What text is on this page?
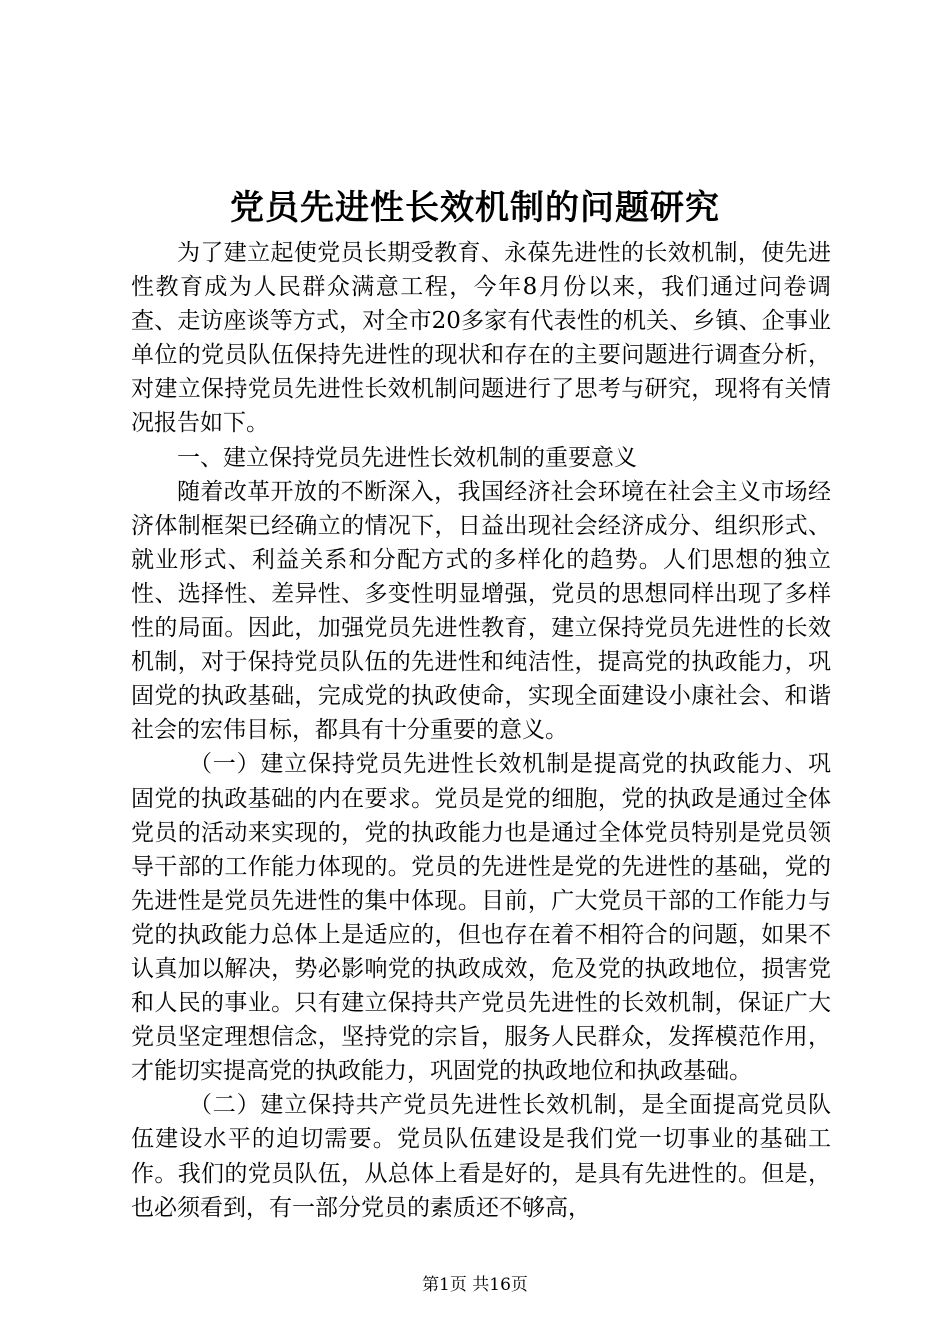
党员先进性长效机制的问题研究

为了建立起使党员长期受教育、永葆先进性的长效机制，使先进性教育成为人民群众满意工程，今年8月份以来，我们通过问卷调查、走访座谈等方式，对全市20多家有代表性的机关、乡镇、企事业单位的党员队伍保持先进性的现状和存在的主要问题进行调查分析，对建立保持党员先进性长效机制问题进行了思考与研究，现将有关情况报告如下。

一、建立保持党员先进性长效机制的重要意义

随着改革开放的不断深入，我国经济社会环境在社会主义市场经济体制框架已经确立的情况下，日益出现社会经济成分、组织形式、就业形式、利益关系和分配方式的多样化的趋势。人们思想的独立性、选择性、差异性、多变性明显增强，党员的思想同样出现了多样性的局面。因此，加强党员先进性教育，建立保持党员先进性的长效机制，对于保持党员队伍的先进性和纯洁性，提高党的执政能力，巩固党的执政基础，完成党的执政使命，实现全面建设小康社会、和谐社会的宏伟目标，都具有十分重要的意义。

（一）建立保持党员先进性长效机制是提高党的执政能力、巩固党的执政基础的内在要求。党员是党的细胞，党的执政是通过全体党员的活动来实现的，党的执政能力也是通过全体党员特别是党员领导干部的工作能力体现的。党员的先进性是党的先进性的基础，党的先进性是党员先进性的集中体现。目前，广大党员干部的工作能力与党的执政能力总体上是适应的，但也存在着不相符合的问题，如果不认真加以解决，势必影响党的执政成效，危及党的执政地位，损害党和人民的事业。只有建立保持共产党员先进性的长效机制，保证广大党员坚定理想信念，坚持党的宗旨，服务人民群众，发挥模范作用，才能切实提高党的执政能力，巩固党的执政地位和执政基础。

（二）建立保持共产党员先进性长效机制，是全面提高党员队伍建设水平的迫切需要。党员队伍建设是我们党一切事业的基础工作。我们的党员队伍，从总体上看是好的，是具有先进性的。但是，也必须看到，有一部分党员的素质还不够高，

第1页 共16页
